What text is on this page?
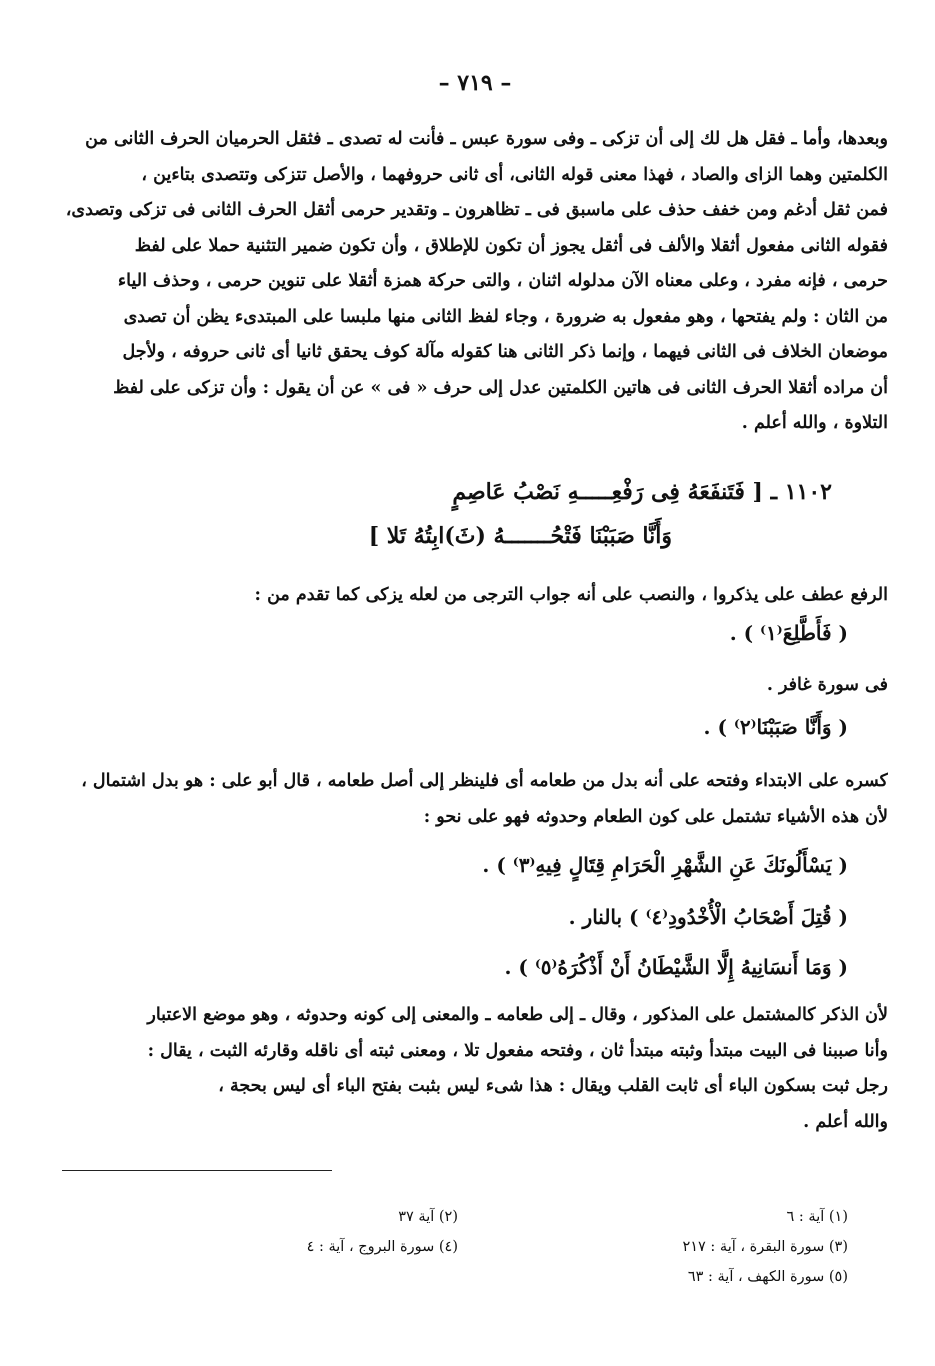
– ٧١٩ –
وبعدها، وأما ـ فقل هل لك إلى أن تزكى ـ وفى سورة عبس ـ فأنت له تصدى ـ فثقل الحرميان الحرف الثانى من
الكلمتين وهما الزاى والصاد ، فهذا معنى قوله الثانى، أى ثانى حروفهما ، والأصل تتزكى وتتصدى بتاءين ،
فمن ثقل أدغم ومن خفف حذف على ماسبق فى ـ تظاهرون ـ وتقدير حرمى أثقل الحرف الثانى فى تزكى وتصدى،
فقوله الثانى مفعول أثقلا والألف فى أثقل يجوز أن تكون للإطلاق ، وأن تكون ضمير التثنية حملا على لفظ
حرمى ، فإنه مفرد ، وعلى معناه الآن مدلوله اثنان ، والتى حركة همزة أثقلا على تنوين حرمى ، وحذف الياء
من الثان : ولم يفتحها ، وهو مفعول به ضرورة ، وجاء لفظ الثانى منها ملبسا على المبتدىء يظن أن تصدى
موضعان الخلاف فى الثانى فيهما ، وإنما ذكر الثانى هنا كقوله مآلة كوف يحقق ثانيا أى ثانى حروفه ، ولأجل
أن مراده أثقلا الحرف الثانى فى هاتين الكلمتين عدل إلى حرف « فى » عن أن يقول : وأن تزكى على لفظ
التلاوة ، والله أعلم .
١١٠٢ ـ [ فَتَنفَعَهُ فِى رَفْعِـــــهِ نَصْبُ عَاصِمٍ
وَأَنَّا صَبَبْنَا فَتْحُـــــــهُ (ثَ)ابِتُهُ تَلا ]
الرفع عطف على يذكروا ، والنصب على أنه جواب الترجى من لعله يزكى كما تقدم من :
( فَأَطَّلِعَ⁽١⁾ ) .
فى سورة غافر .
( وَأَنَّا صَبَبْنَا⁽٢⁾ ) .
كسره على الابتداء وفتحه على أنه بدل من طعامه أى فلينظر إلى أصل طعامه ، قال أبو على : هو بدل اشتمال ،
لأن هذه الأشياء تشتمل على كون الطعام وحدوثه فهو على نحو :
( يَسْأَلُونَكَ عَنِ الشَّهْرِ الْحَرَامِ قِتَالٍ فِيهِ⁽٣⁾ ) .
( قُتِلَ أَصْحَابُ الْأُخْدُودِ⁽٤⁾ ) بالنار .
( وَمَا أَنسَانِيهُ إِلَّا الشَّيْطَانُ أَنْ أَذْكُرَهُ⁽٥⁾ ) .
لأن الذكر كالمشتمل على المذكور ، وقال ـ إلى طعامه ـ والمعنى إلى كونه وحدوثه ، وهو موضع الاعتبار
وأنا صببنا فى البيت مبتدأ وثبته مبتدأ ثان ، وفتحه مفعول تلا ، ومعنى ثبته أى ناقله وقارئه الثبت ، يقال :
رجل ثبت بسكون الباء أى ثابت القلب ويقال : هذا شىء ليس بثبت بفتح الباء أى ليس بحجة ،
والله أعلم .
(١) آية : ٦
(٢) آية ٣٧
(٣) سورة البقرة ، آية : ٢١٧
(٤) سورة البروج ، آية : ٤
(٥) سورة الكهف ، آية : ٦٣
